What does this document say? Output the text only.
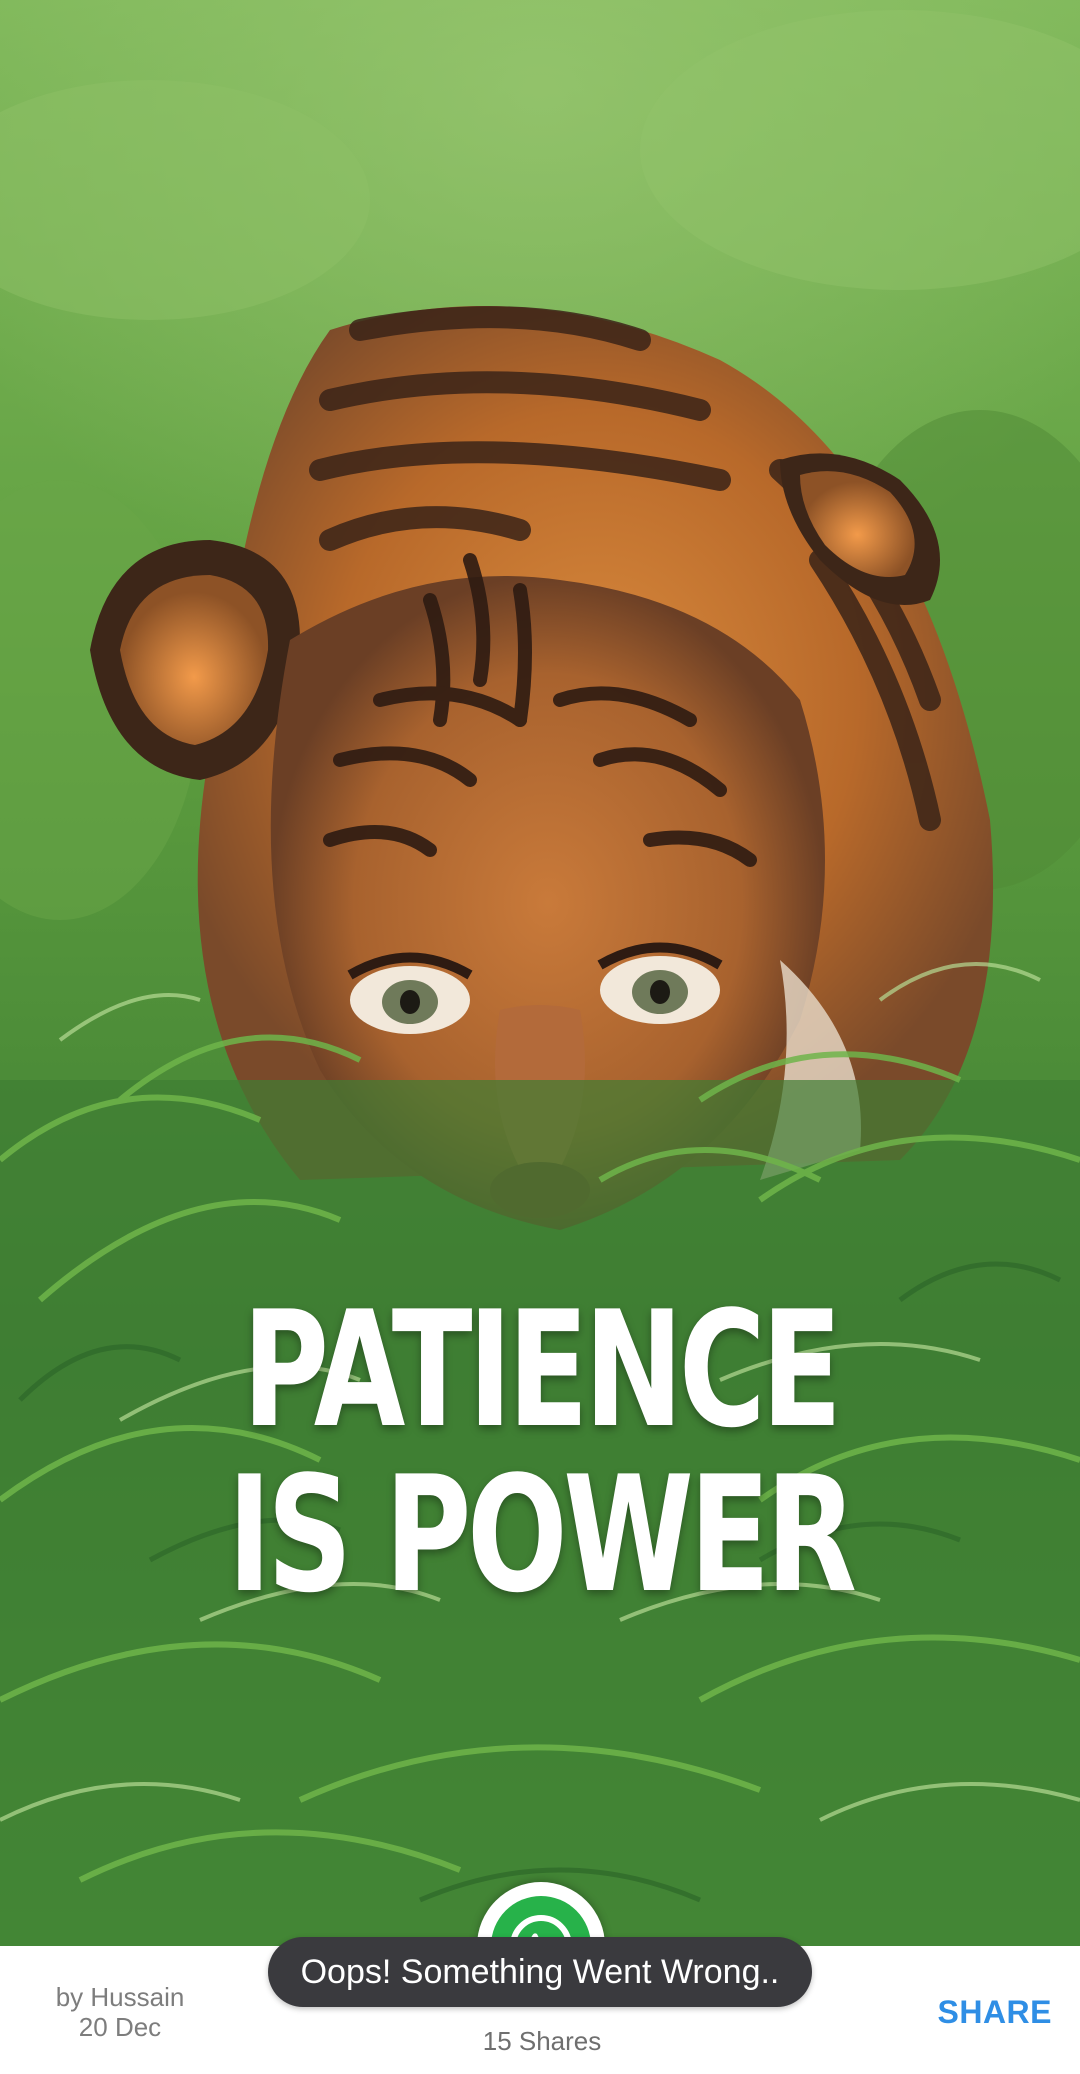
PATIENCE
IS POWER
by Hussain
20 Dec	15 Shares
SHARE
Oops! Something Went Wrong..
